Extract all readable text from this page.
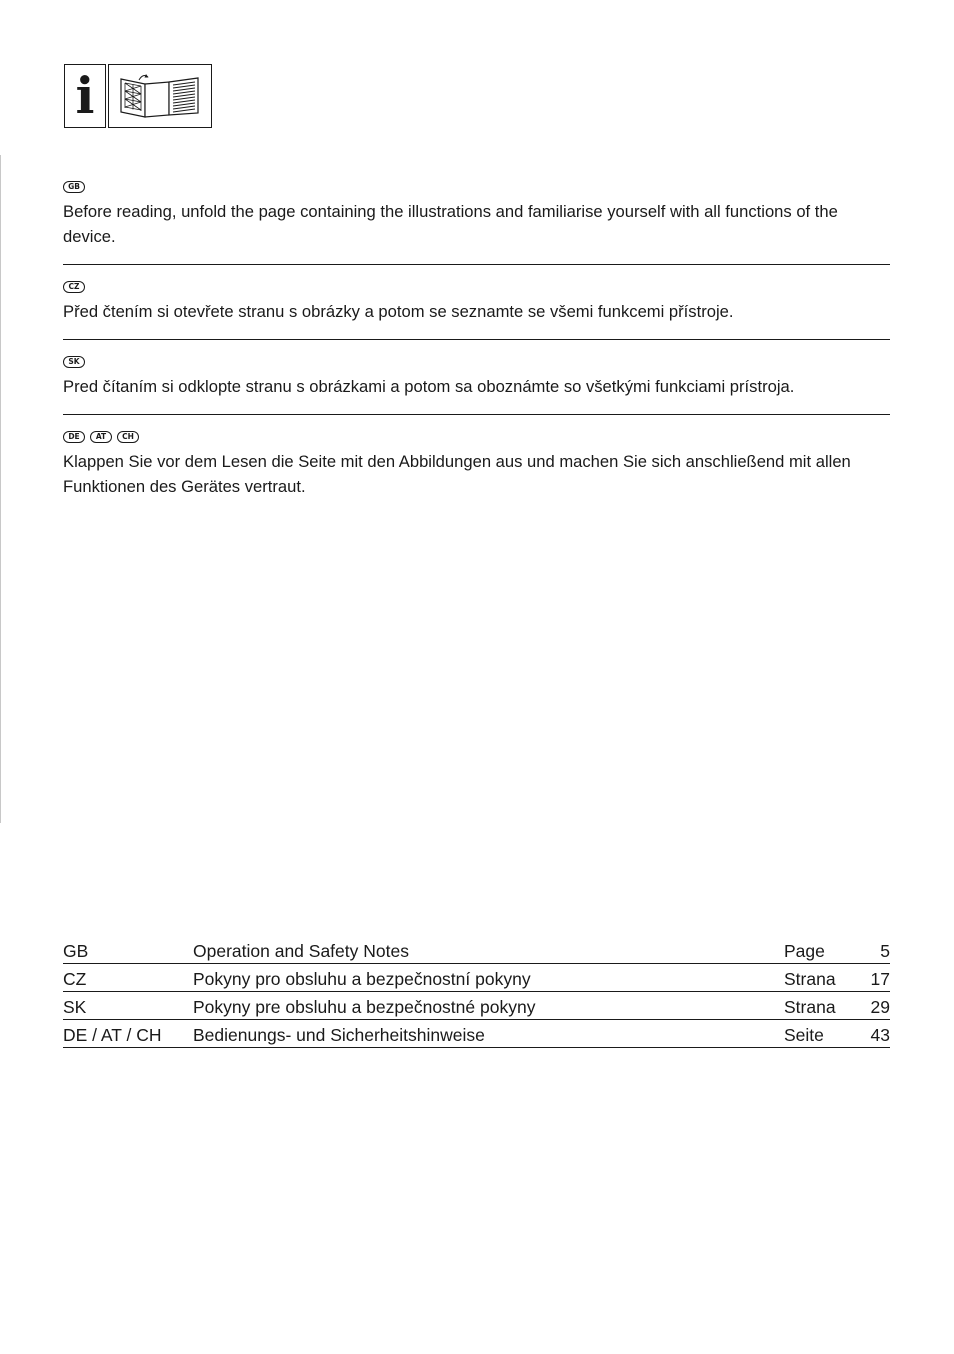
i
GB

Before reading, unfold the page containing the illustrations and familiarise yourself with all functions of the device.

CZ

Před čtením si otevřete stranu s obrázky a potom se seznamte se všemi funkcemi přístroje.

SK

Pred čítaním si odklopte stranu s obrázkami a potom sa oboznámte so všetkými funkciami prístroja.

DE	AT	CH

Klappen Sie vor dem Lesen die Seite mit den Abbildungen aus und machen Sie sich anschließend mit allen Funktionen des Gerätes vertraut.

GB	Operation and Safety Notes	Page	5
CZ	Pokyny pro obsluhu a bezpečnostní pokyny	Strana	17
SK	Pokyny pre obsluhu a bezpečnostné pokyny	Strana	29
DE / AT / CH	Bedienungs- und Sicherheitshinweise	Seite	43
